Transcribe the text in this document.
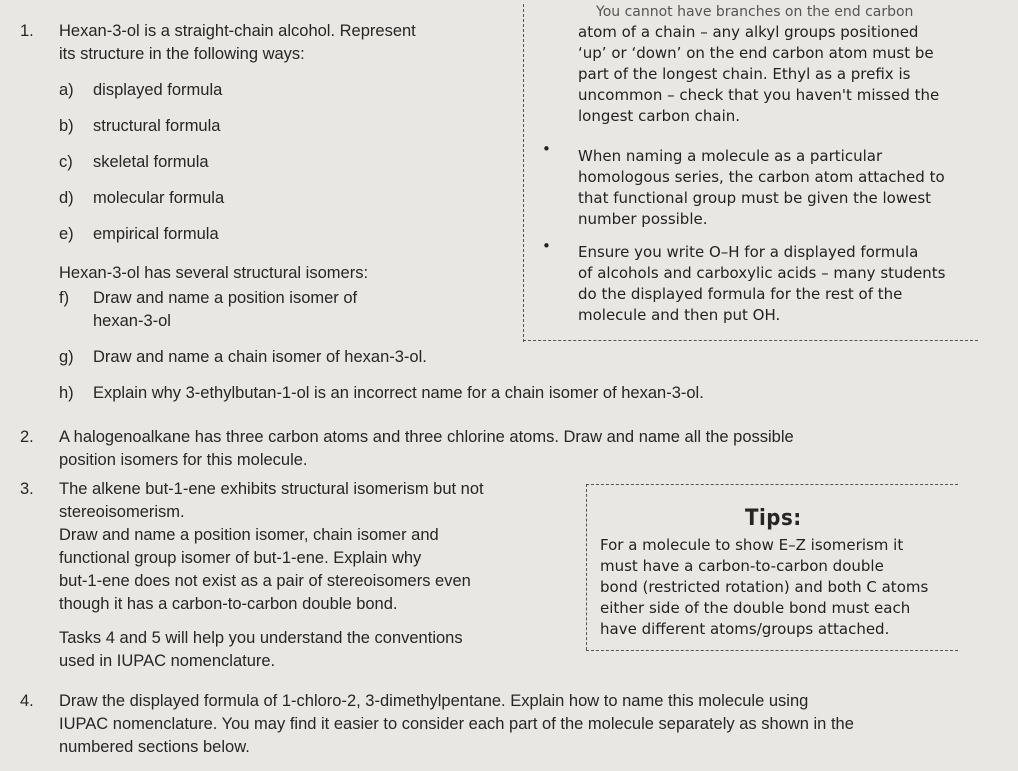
1. Hexan-3-ol is a straight-chain alcohol. Represent
its structure in the following ways:
a) displayed formula
b) structural formula
c) skeletal formula
d) molecular formula
e) empirical formula
Hexan-3-ol has several structural isomers:
f) Draw and name a position isomer of
hexan-3-ol
g) Draw and name a chain isomer of hexan-3-ol.
h) Explain why 3-ethylbutan-1-ol is an incorrect name for a chain isomer of hexan-3-ol.
You cannot have branches on the end carbon
atom of a chain – any alkyl groups positioned
‘up’ or ‘down’ on the end carbon atom must be
part of the longest chain. Ethyl as a prefix is
uncommon – check that you haven't missed the
longest carbon chain.
• When naming a molecule as a particular
homologous series, the carbon atom attached to
that functional group must be given the lowest
number possible.
• Ensure you write O–H for a displayed formula
of alcohols and carboxylic acids – many students
do the displayed formula for the rest of the
molecule and then put OH.
2. A halogenoalkane has three carbon atoms and three chlorine atoms. Draw and name all the possible
position isomers for this molecule.
3. The alkene but-1-ene exhibits structural isomerism but not
stereoisomerism.
Draw and name a position isomer, chain isomer and
functional group isomer of but-1-ene. Explain why
but-1-ene does not exist as a pair of stereoisomers even
though it has a carbon-to-carbon double bond.
Tasks 4 and 5 will help you understand the conventions
used in IUPAC nomenclature.
Tips:
For a molecule to show E–Z isomerism it
must have a carbon-to-carbon double
bond (restricted rotation) and both C atoms
either side of the double bond must each
have different atoms/groups attached.
4. Draw the displayed formula of 1-chloro-2, 3-dimethylpentane. Explain how to name this molecule using
IUPAC nomenclature. You may find it easier to consider each part of the molecule separately as shown in the
numbered sections below.
